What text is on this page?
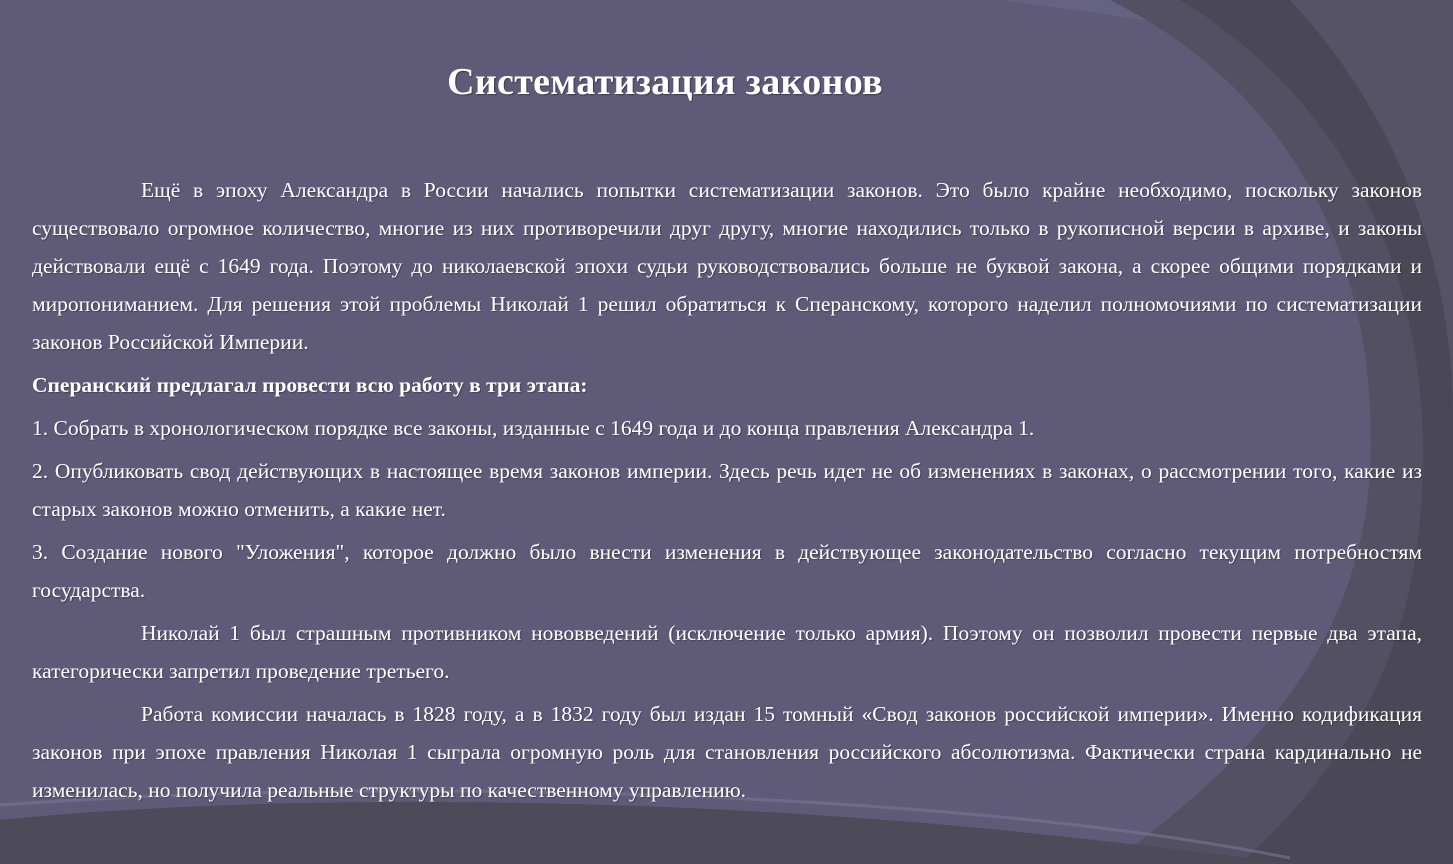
Систематизация законов

Ещё в эпоху Александра в России начались попытки систематизации законов. Это было крайне необходимо, поскольку законов существовало огромное количество, многие из них противоречили друг другу, многие находились только в рукописной версии в архиве, и законы действовали ещё с 1649 года. Поэтому до николаевской эпохи судьи руководствовались больше не буквой закона, а скорее общими порядками и миропониманием. Для решения этой проблемы Николай 1 решил обратиться к Сперанскому, которого наделил полномочиями по систематизации законов Российской Империи.

Сперанский предлагал провести всю работу в три этапа:

1. Собрать в хронологическом порядке все законы, изданные с 1649 года и до конца правления Александра 1.

2. Опубликовать свод действующих в настоящее время законов империи. Здесь речь идет не об изменениях в законах, о рассмотрении того, какие из старых законов можно отменить, а какие нет.

3. Создание нового "Уложения", которое должно было внести изменения в действующее законодательство согласно текущим потребностям государства.

Николай 1 был страшным противником нововведений (исключение только армия). Поэтому он позволил провести первые два этапа, категорически запретил проведение третьего.

Работа комиссии началась в 1828 году, а в 1832 году был издан 15 томный «Свод законов российской империи». Именно кодификация законов при эпохе правления Николая 1 сыграла огромную роль для становления российского абсолютизма. Фактически страна кардинально не изменилась, но получила реальные структуры по качественному управлению.
